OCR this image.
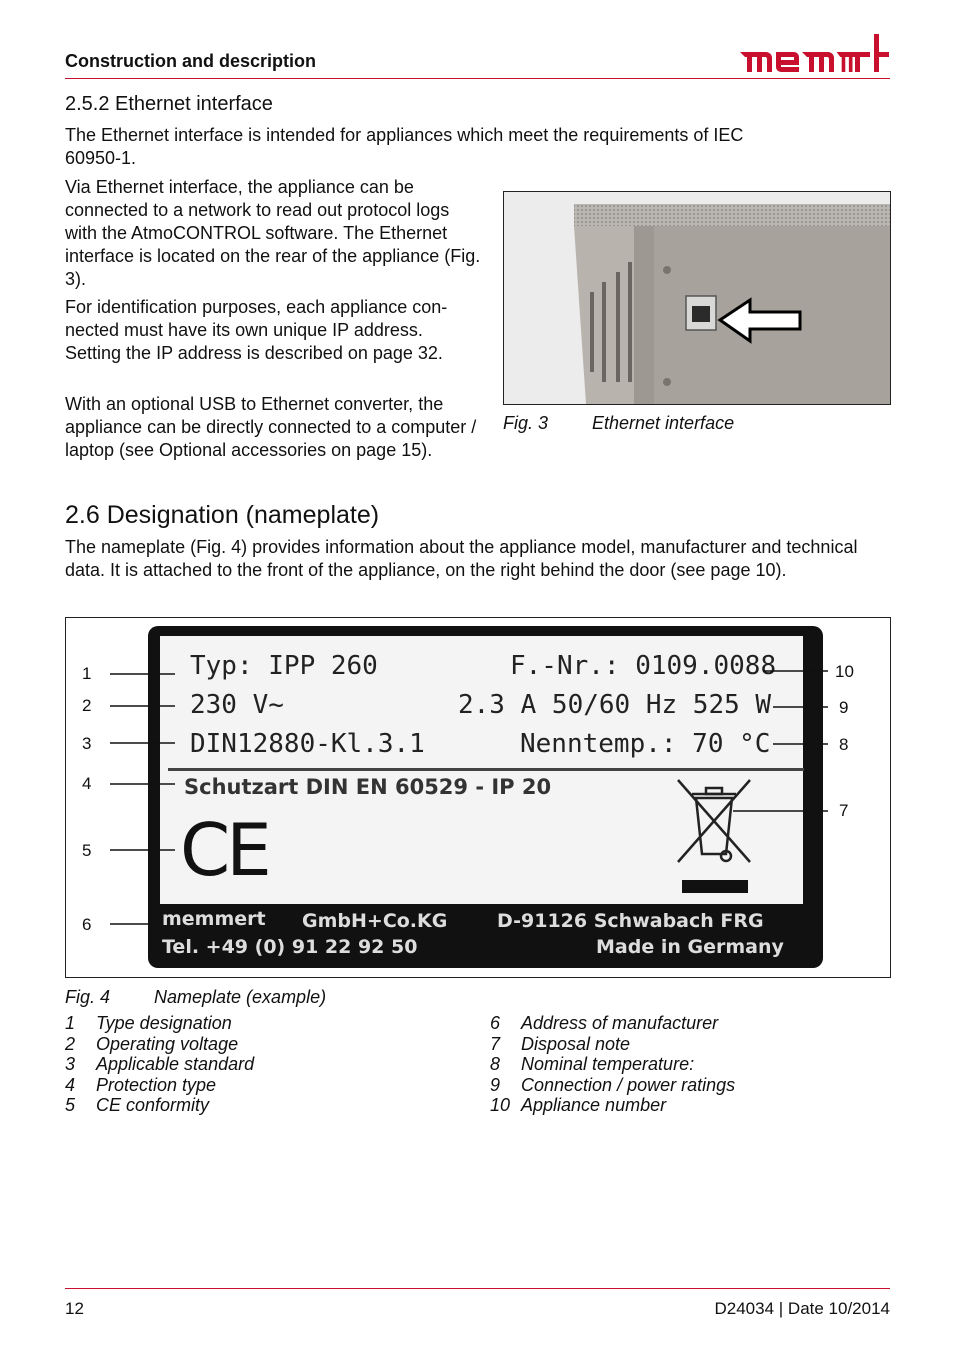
Construction and description
2.5.2 Ethernet interface

The Ethernet interface is intended for appliances which meet the requirements of IEC 60950-1.

Via Ethernet interface, the appliance can be connected to a network to read out protocol logs with the AtmoCONTROL software. The Ethernet interface is located on the rear of the appliance (Fig. 3).

For identification purposes, each appliance con-nected must have its own unique IP address. Setting the IP address is described on page 32.

With an optional USB to Ethernet converter, the appliance can be directly connected to a computer / laptop (see Optional accessories on page 15).

Fig. 3 Ethernet interface
2.6 Designation (nameplate)

The nameplate (Fig. 4) provides information about the appliance model, manufacturer and technical data. It is attached to the front of the appliance, on the right behind the door (see page 10).

Typ: IPP 260	F.-Nr.: 0109.0088
230 V~	2.3 A 50/60 Hz 525 W
DIN12880-Kl.3.1	Nenntemp.: 70 °C
Schutzart DIN EN 60529 - IP 20
CE
memmert GmbH+Co.KG	D-91126 Schwabach FRG
Tel. +49 (0) 91 22 92 50	Made in Germany
1
2
3
4
5
6
7
8
9
10
Fig. 4 Nameplate (example)
1 Type designation
2 Operating voltage
3 Applicable standard
4 Protection type
5 CE conformity
6 Address of manufacturer
7 Disposal note
8 Nominal temperature:
9 Connection / power ratings
10 Appliance number
12	D24034 | Date 10/2014
